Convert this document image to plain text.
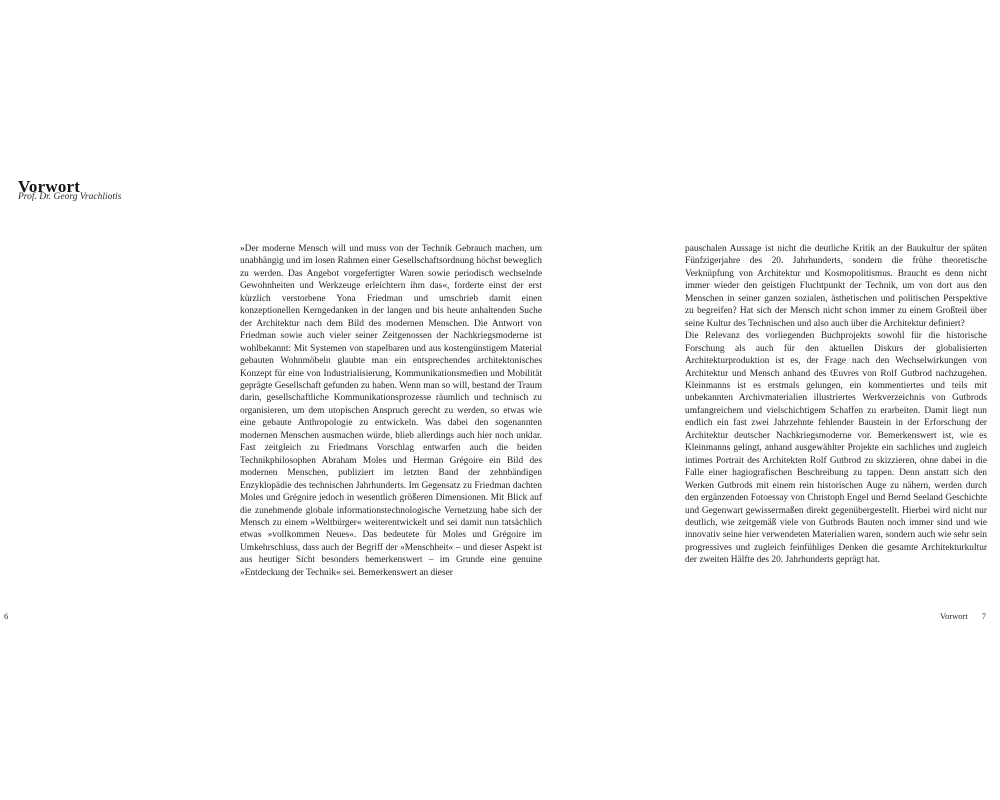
Vorwort
Prof. Dr. Georg Vrachliotis

»Der moderne Mensch will und muss von der Technik Gebrauch machen, um unabhängig und im losen Rahmen einer Gesellschaftsordnung höchst beweglich zu werden. Das Angebot vorgefertigter Waren sowie periodisch wechselnde Gewohnheiten und Werkzeuge erleichtern ihm das«, forderte einst der erst kürzlich verstorbene Yona Friedman und umschrieb damit einen konzeptionellen Kerngedanken in der langen und bis heute anhaltenden Suche der Architektur nach dem Bild des modernen Menschen. Die Antwort von Friedman sowie auch vieler seiner Zeitgenossen der Nachkriegsmoderne ist wohlbekannt: Mit Systemen von stapelbaren und aus kostengünstigem Material gebauten Wohnmöbeln glaubte man ein entsprechendes architektonisches Konzept für eine von Industrialisierung, Kommunikationsmedien und Mobilität geprägte Gesellschaft gefunden zu haben. Wenn man so will, bestand der Traum darin, gesellschaftliche Kommunikationsprozesse räumlich und technisch zu organisieren, um dem utopischen Anspruch gerecht zu werden, so etwas wie eine gebaute Anthropologie zu entwickeln. Was dabei den sogenannten modernen Menschen ausmachen würde, blieb allerdings auch hier noch unklar. Fast zeitgleich zu Friedmans Vorschlag entwarfen auch die beiden Technikphilosophen Abraham Moles und Herman Grégoire ein Bild des modernen Menschen, publiziert im letzten Band der zehnbändigen Enzyklopädie des technischen Jahrhunderts. Im Gegensatz zu Friedman dachten Moles und Grégoire jedoch in wesentlich größeren Dimensionen. Mit Blick auf die zunehmende globale informationstechnologische Vernetzung habe sich der Mensch zu einem »Weltbürger« weiterentwickelt und sei damit nun tatsächlich etwas »vollkommen Neues«. Das bedeutete für Moles und Grégoire im Umkehrschluss, dass auch der Begriff der »Menschheit« – und dieser Aspekt ist aus heutiger Sicht besonders bemerkenswert – im Grunde eine genuine »Entdeckung der Technik« sei. Bemerkenswert an dieser

pauschalen Aussage ist nicht die deutliche Kritik an der Baukultur der späten Fünfzigerjahre des 20. Jahrhunderts, sondern die frühe theoretische Verknüpfung von Architektur und Kosmopolitismus. Braucht es denn nicht immer wieder den geistigen Fluchtpunkt der Technik, um von dort aus den Menschen in seiner ganzen sozialen, ästhetischen und politischen Perspektive zu begreifen? Hat sich der Mensch nicht schon immer zu einem Großteil über seine Kultur des Technischen und also auch über die Architektur definiert?

Die Relevanz des vorliegenden Buchprojekts sowohl für die historische Forschung als auch für den aktuellen Diskurs der globalisierten Architekturproduktion ist es, der Frage nach den Wechselwirkungen von Architektur und Mensch anhand des Œuvres von Rolf Gutbrod nachzugehen. Kleinmanns ist es erstmals gelungen, ein kommentiertes und teils mit unbekannten Archivmaterialien illustriertes Werkverzeichnis von Gutbrods umfangreichem und vielschichtigem Schaffen zu erarbeiten. Damit liegt nun endlich ein fast zwei Jahrzehnte fehlender Baustein in der Erforschung der Architektur deutscher Nachkriegsmoderne vor. Bemerkenswert ist, wie es Kleinmanns gelingt, anhand ausgewählter Projekte ein sachliches und zugleich intimes Portrait des Architekten Rolf Gutbrod zu skizzieren, ohne dabei in die Falle einer hagiografischen Beschreibung zu tappen. Denn anstatt sich den Werken Gutbrods mit einem rein historischen Auge zu nähern, werden durch den ergänzenden Fotoessay von Christoph Engel und Bernd Seeland Geschichte und Gegenwart gewissermaßen direkt gegenübergestellt. Hierbei wird nicht nur deutlich, wie zeitgemäß viele von Gutbrods Bauten noch immer sind und wie innovativ seine hier verwendeten Materialien waren, sondern auch wie sehr sein progressives und zugleich feinfühliges Denken die gesamte Architekturkultur der zweiten Hälfte des 20. Jahrhunderts geprägt hat.

6	Vorwort 7
